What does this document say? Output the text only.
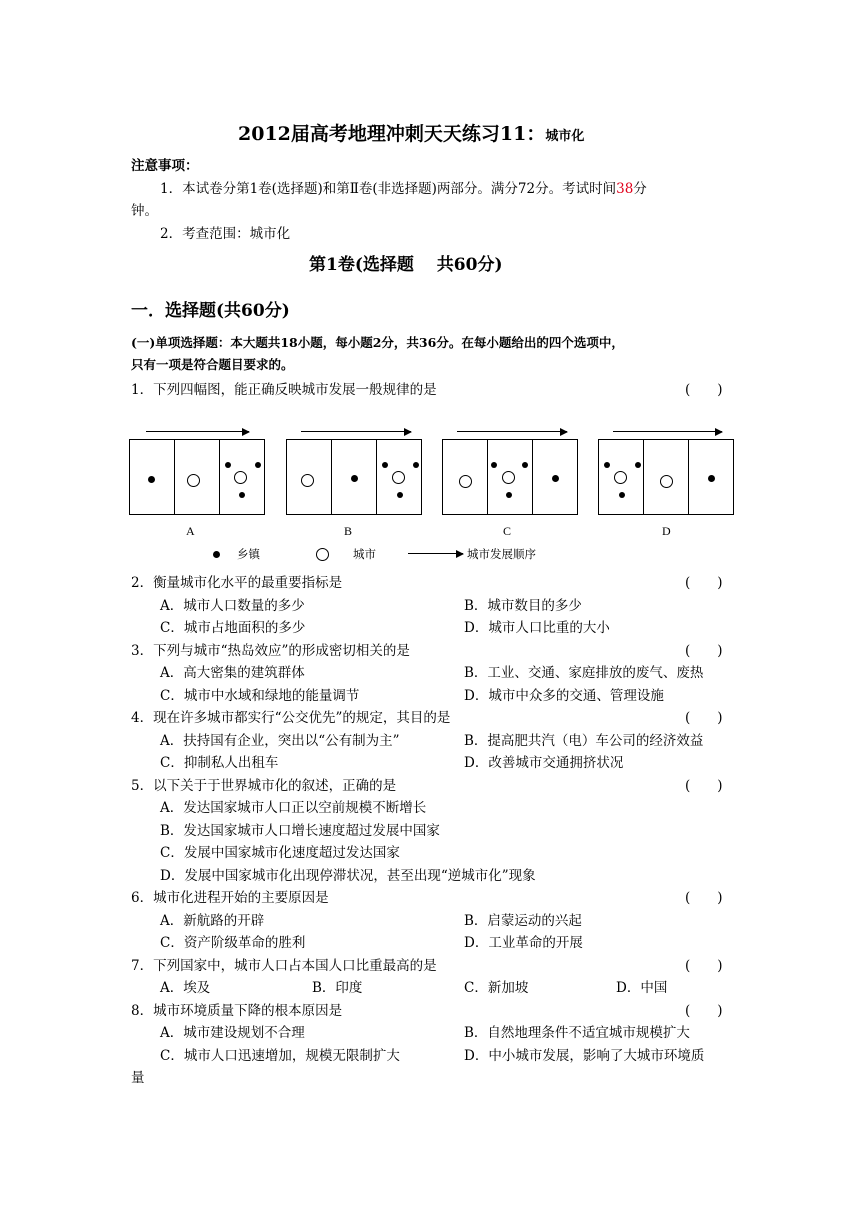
2012届高考地理冲刺天天练习11：城市化
注意事项：
1．本试卷分第1卷(选择题)和第Ⅱ卷(非选择题)两部分。满分72分。考试时间38分
钟。
2．考查范围：城市化
第1卷(选择题　 共60分)
一．选择题(共60分)
(一)单项选择题：本大题共18小题，每小题2分，共36分。在每小题给出的四个选项中，
只有一项是符合题目要求的。
1．下列四幅图，能正确反映城市发展一般规律的是	(　　)
A	B	C	D
乡镇	城市	城市发展顺序
2．衡量城市化水平的最重要指标是	(　　)
A．城市人口数量的多少	B．城市数目的多少
C．城市占地面积的多少	D．城市人口比重的大小
3．下列与城市“热岛效应”的形成密切相关的是	(　　)
A．高大密集的建筑群体	B．工业、交通、家庭排放的废气、废热
C．城市中水域和绿地的能量调节	D．城市中众多的交通、管理设施
4．现在许多城市都实行“公交优先”的规定，其目的是	(　　)
A．扶持国有企业，突出以“公有制为主”	B．提高肥共汽（电）车公司的经济效益
C．抑制私人出租车	D．改善城市交通拥挤状况
5．以下关于于世界城市化的叙述，正确的是	(　　)
A．发达国家城市人口正以空前规模不断增长
B．发达国家城市人口增长速度超过发展中国家
C．发展中国家城市化速度超过发达国家
D．发展中国家城市化出现停滞状况，甚至出现“逆城市化”现象
6．城市化进程开始的主要原因是	(　　)
A．新航路的开辟	B．启蒙运动的兴起
C．资产阶级革命的胜利	D．工业革命的开展
7．下列国家中，城市人口占本国人口比重最高的是	(　　)
A．埃及	B．印度	C．新加坡	D．中国
8．城市环境质量下降的根本原因是	(　　)
A．城市建设规划不合理	B．自然地理条件不适宜城市规模扩大
C．城市人口迅速增加，规模无限制扩大	D．中小城市发展，影响了大城市环境质
量
